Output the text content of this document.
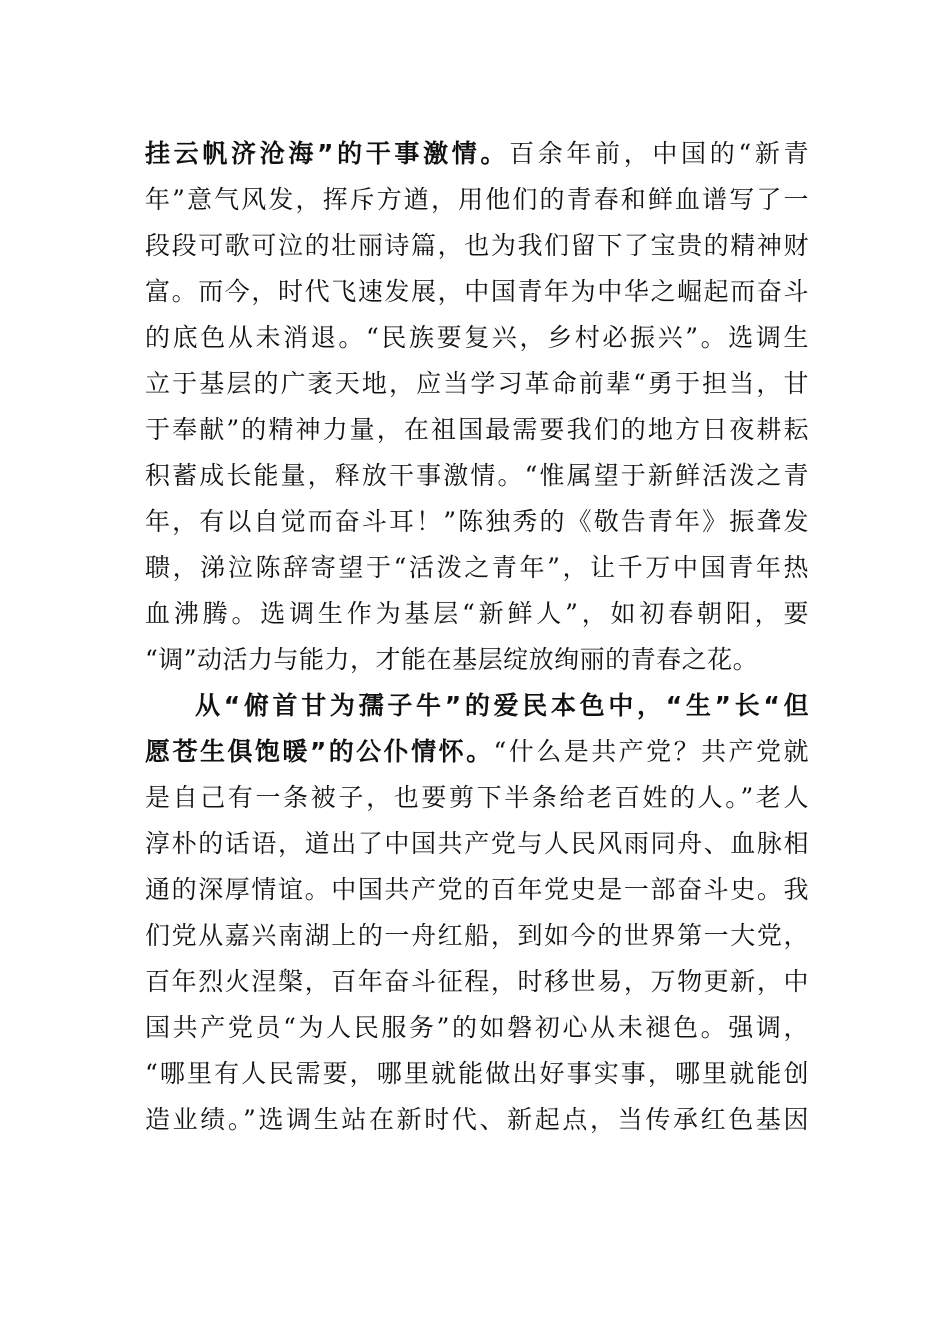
挂云帆济沧海”的干事激情。百余年前，中国的“新青
年”意气风发，挥斥方遒，用他们的青春和鲜血谱写了一
段段可歌可泣的壮丽诗篇，也为我们留下了宝贵的精神财
富。而今，时代飞速发展，中国青年为中华之崛起而奋斗
的底色从未消退。“民族要复兴，乡村必振兴”。选调生
立于基层的广袤天地，应当学习革命前辈“勇于担当，甘
于奉献”的精神力量，在祖国最需要我们的地方日夜耕耘
积蓄成长能量，释放干事激情。“惟属望于新鲜活泼之青
年，有以自觉而奋斗耳！”陈独秀的《敬告青年》振聋发
聩，涕泣陈辞寄望于“活泼之青年”，让千万中国青年热
血沸腾。选调生作为基层“新鲜人”，如初春朝阳，要
“调”动活力与能力，才能在基层绽放绚丽的青春之花。
从“俯首甘为孺子牛”的爱民本色中，“生”长“但
愿苍生俱饱暖”的公仆情怀。“什么是共产党？共产党就
是自己有一条被子，也要剪下半条给老百姓的人。”老人
淳朴的话语，道出了中国共产党与人民风雨同舟、血脉相
通的深厚情谊。中国共产党的百年党史是一部奋斗史。我
们党从嘉兴南湖上的一舟红船，到如今的世界第一大党，
百年烈火涅槃，百年奋斗征程，时移世易，万物更新，中
国共产党员“为人民服务”的如磐初心从未褪色。强调，
“哪里有人民需要，哪里就能做出好事实事，哪里就能创
造业绩。”选调生站在新时代、新起点，当传承红色基因
